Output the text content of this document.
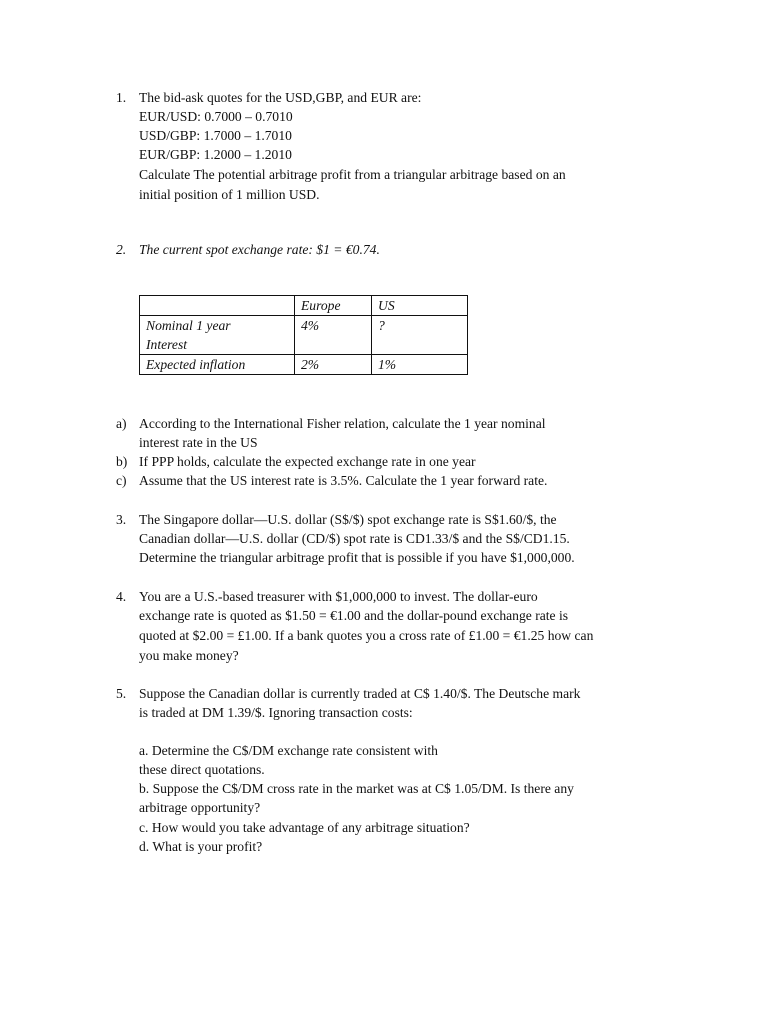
1. The bid-ask quotes for the USD,GBP, and EUR are:
EUR/USD: 0.7000 – 0.7010
USD/GBP: 1.7000 – 1.7010
EUR/GBP: 1.2000 – 1.2010
Calculate The potential arbitrage profit from a triangular arbitrage based on an
initial position of 1 million USD.
2. The current spot exchange rate: $1 = €0.74.
	Europe	US

Nominal 1 year
Interest	4%	?
Expected inflation	2%	1%
a) According to the International Fisher relation, calculate the 1 year nominal
interest rate in the US
b) If PPP holds, calculate the expected exchange rate in one year
c) Assume that the US interest rate is 3.5%. Calculate the 1 year forward rate.
3. The Singapore dollar—U.S. dollar (S$/$) spot exchange rate is S$1.60/$, the
Canadian dollar—U.S. dollar (CD/$) spot rate is CD1.33/$ and the S$/CD1.15.
Determine the triangular arbitrage profit that is possible if you have $1,000,000.
4. You are a U.S.-based treasurer with $1,000,000 to invest. The dollar-euro
exchange rate is quoted as $1.50 = €1.00 and the dollar-pound exchange rate is
quoted at $2.00 = £1.00. If a bank quotes you a cross rate of £1.00 = €1.25 how can
you make money?
5. Suppose the Canadian dollar is currently traded at C$ 1.40/$. The Deutsche mark
is traded at DM 1.39/$. Ignoring transaction costs:
a. Determine the C$/DM exchange rate consistent with
these direct quotations.
b. Suppose the C$/DM cross rate in the market was at C$ 1.05/DM. Is there any
arbitrage opportunity?
c. How would you take advantage of any arbitrage situation?
d. What is your profit?
